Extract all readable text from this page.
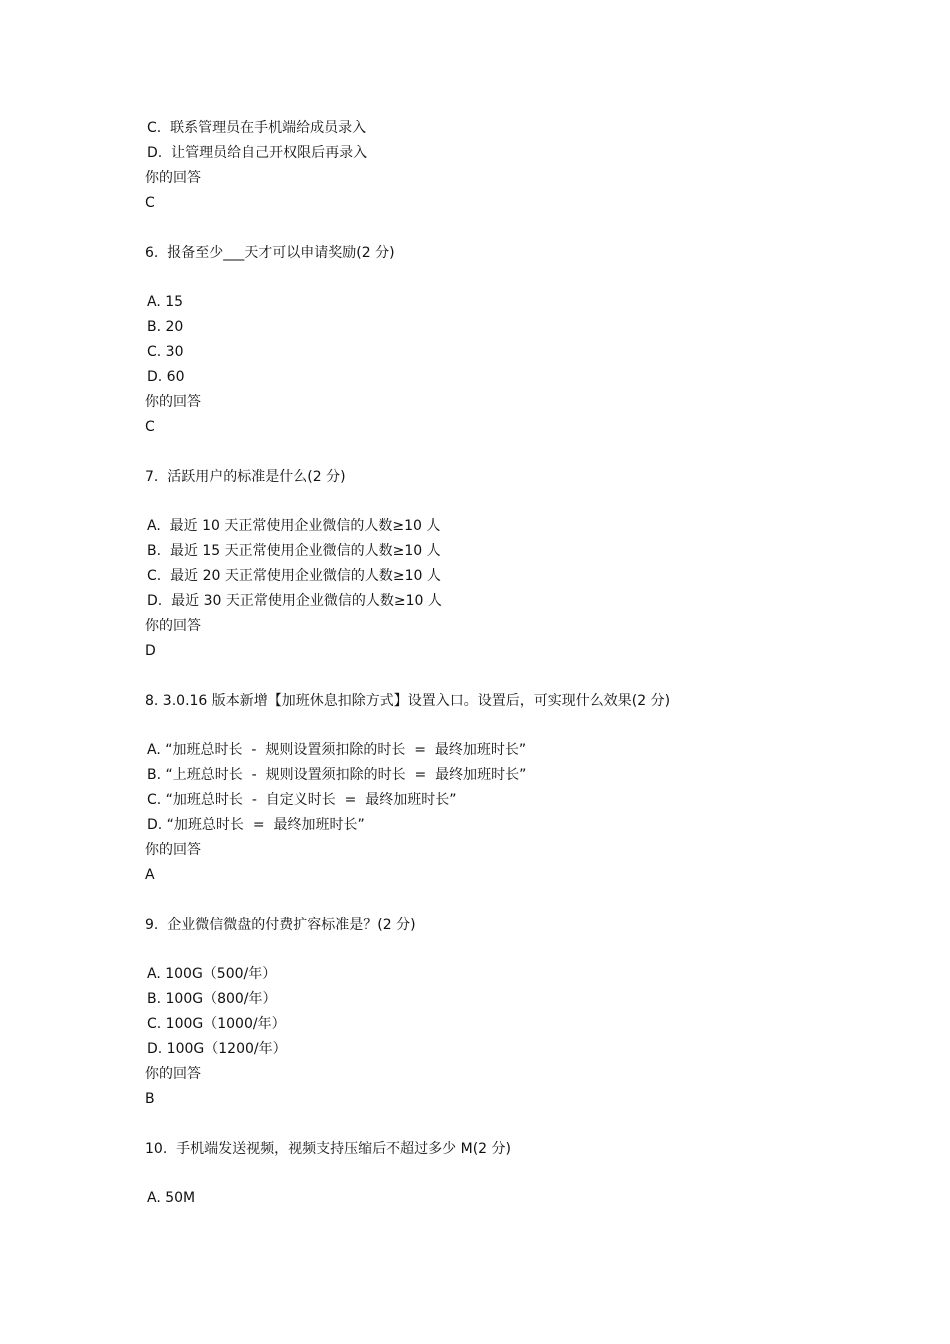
C.  联系管理员在手机端给成员录入
D.  让管理员给自己开权限后再录入
你的回答
C
6.  报备至少___天才可以申请奖励(2 分)
A. 15
B. 20
C. 30
D. 60
你的回答
C
7.  活跃用户的标准是什么(2 分)
A.  最近 10 天正常使用企业微信的人数≥10 人
B.  最近 15 天正常使用企业微信的人数≥10 人
C.  最近 20 天正常使用企业微信的人数≥10 人
D.  最近 30 天正常使用企业微信的人数≥10 人
你的回答
D
8. 3.0.16 版本新增【加班休息扣除方式】设置入口。设置后，可实现什么效果(2 分)
A. “加班总时长  -  规则设置须扣除的时长  =  最终加班时长”
B. “上班总时长  -  规则设置须扣除的时长  =  最终加班时长”
C. “加班总时长  -  自定义时长  =  最终加班时长”
D. “加班总时长  =  最终加班时长”
你的回答
A
9.  企业微信微盘的付费扩容标准是？(2 分)
A. 100G（500/年）
B. 100G（800/年）
C. 100G（1000/年）
D. 100G（1200/年）
你的回答
B
10.  手机端发送视频，视频支持压缩后不超过多少 M(2 分)
A. 50M
